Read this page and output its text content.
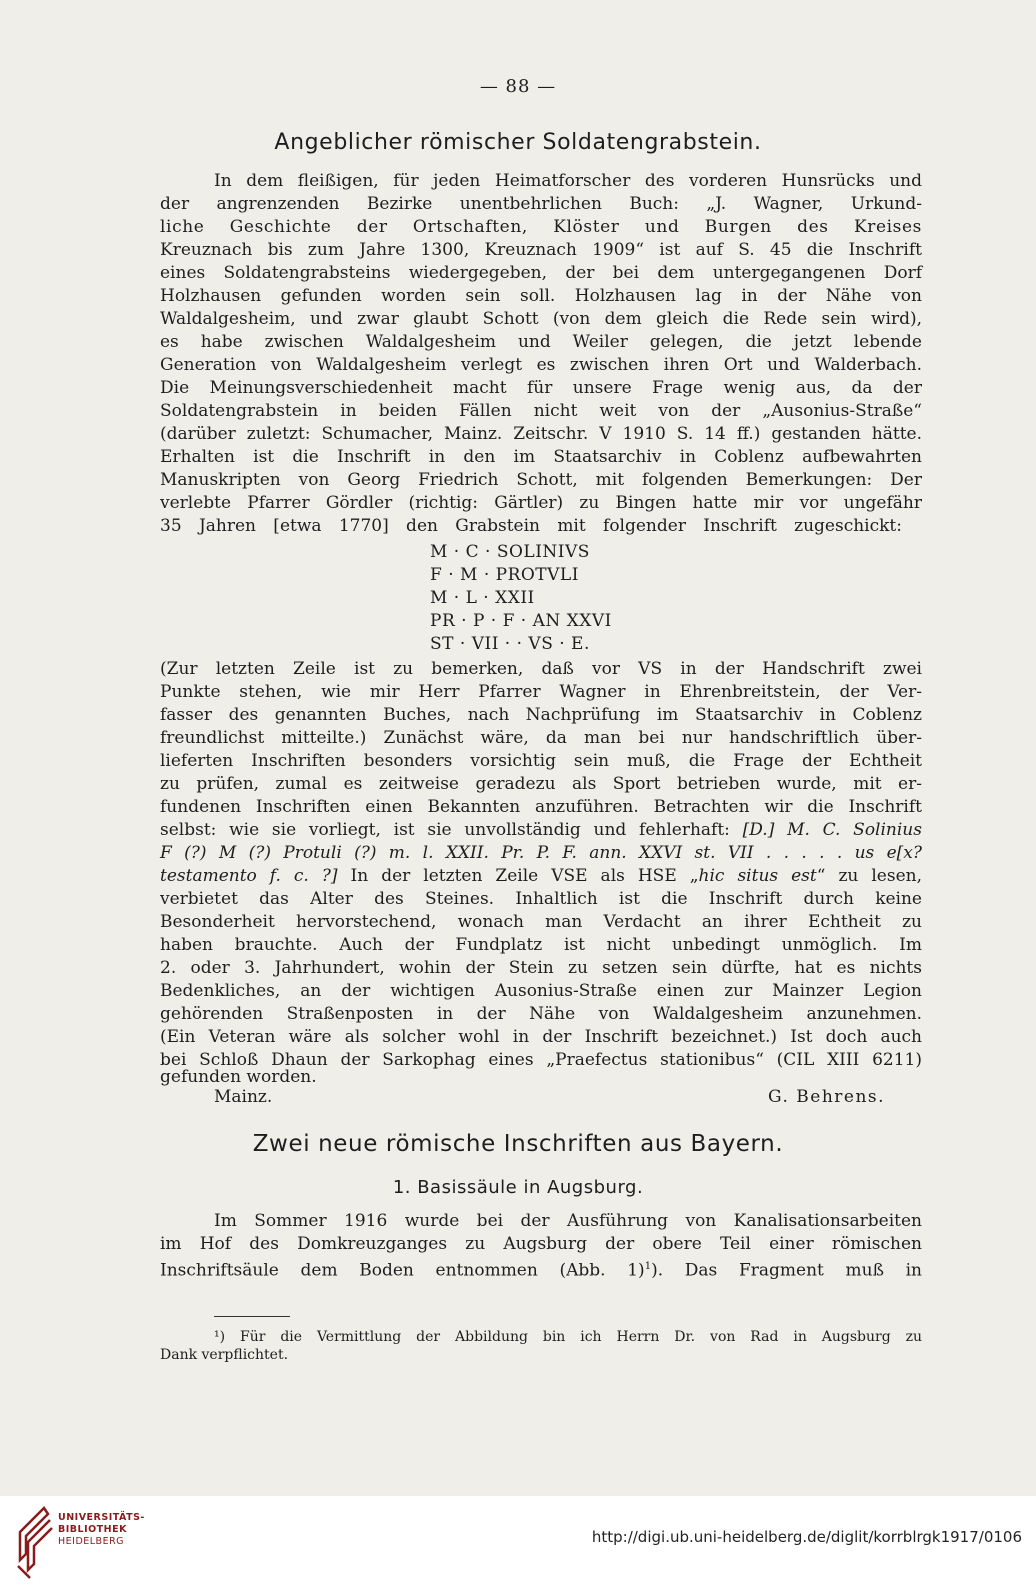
— 88 —
Angeblicher römischer Soldatengrabstein.
In dem fleißigen, für jeden Heimatforscher des vorderen Hunsrücks und
der angrenzenden Bezirke unentbehrlichen Buch: „J. Wagner, Urkund-
liche Geschichte der Ortschaften, Klöster und Burgen des Kreises
Kreuznach bis zum Jahre 1300, Kreuznach 1909“ ist auf S. 45 die Inschrift
eines Soldatengrabsteins wiedergegeben, der bei dem untergegangenen Dorf
Holzhausen gefunden worden sein soll. Holzhausen lag in der Nähe von
Waldalgesheim, und zwar glaubt Schott (von dem gleich die Rede sein wird),
es habe zwischen Waldalgesheim und Weiler gelegen, die jetzt lebende
Generation von Waldalgesheim verlegt es zwischen ihren Ort und Walderbach.
Die Meinungsverschiedenheit macht für unsere Frage wenig aus, da der
Soldatengrabstein in beiden Fällen nicht weit von der „Ausonius-Straße“
(darüber zuletzt: Schumacher, Mainz. Zeitschr. V 1910 S. 14 ff.) gestanden hätte.
Erhalten ist die Inschrift in den im Staatsarchiv in Coblenz aufbewahrten
Manuskripten von Georg Friedrich Schott, mit folgenden Bemerkungen: Der
verlebte Pfarrer Gördler (richtig: Gärtler) zu Bingen hatte mir vor ungefähr
35 Jahren [etwa 1770] den Grabstein mit folgender Inschrift zugeschickt:
M · C · SOLINIVS
F · M · PROTVLI
M · L · XXII
PR · P · F · AN XXVI
ST · VII · · VS · E.
(Zur letzten Zeile ist zu bemerken, daß vor VS in der Handschrift zwei
Punkte stehen, wie mir Herr Pfarrer Wagner in Ehrenbreitstein, der Ver-
fasser des genannten Buches, nach Nachprüfung im Staatsarchiv in Coblenz
freundlichst mitteilte.) Zunächst wäre, da man bei nur handschriftlich über-
lieferten Inschriften besonders vorsichtig sein muß, die Frage der Echtheit
zu prüfen, zumal es zeitweise geradezu als Sport betrieben wurde, mit er-
fundenen Inschriften einen Bekannten anzuführen. Betrachten wir die Inschrift
selbst: wie sie vorliegt, ist sie unvollständig und fehlerhaft: [D.] M. C. Solinius
F (?) M (?) Protuli (?) m. l. XXII. Pr. P. F. ann. XXVI st. VII . . . . . us e[x?
testamento f. c. ?] In der letzten Zeile VSE als HSE „hic situs est“ zu lesen,
verbietet das Alter des Steines. Inhaltlich ist die Inschrift durch keine
Besonderheit hervorstechend, wonach man Verdacht an ihrer Echtheit zu
haben brauchte. Auch der Fundplatz ist nicht unbedingt unmöglich. Im
2. oder 3. Jahrhundert, wohin der Stein zu setzen sein dürfte, hat es nichts
Bedenkliches, an der wichtigen Ausonius-Straße einen zur Mainzer Legion
gehörenden Straßenposten in der Nähe von Waldalgesheim anzunehmen.
(Ein Veteran wäre als solcher wohl in der Inschrift bezeichnet.) Ist doch auch
bei Schloß Dhaun der Sarkophag eines „Praefectus stationibus“ (CIL XIII 6211)
gefunden worden.
Mainz.	G. Behrens.
Zwei neue römische Inschriften aus Bayern.
1. Basissäule in Augsburg.
Im Sommer 1916 wurde bei der Ausführung von Kanalisationsarbeiten
im Hof des Domkreuzganges zu Augsburg der obere Teil einer römischen
Inschriftsäule dem Boden entnommen (Abb. 1)$^1$). Das Fragment muß in
¹) Für die Vermittlung der Abbildung bin ich Herrn Dr. von Rad in Augsburg zu
Dank verpflichtet.
UNIVERSITÄTS-
BIBLIOTHEK
HEIDELBERG	http://digi.ub.uni-heidelberg.de/diglit/korrblrgk1917/0106
